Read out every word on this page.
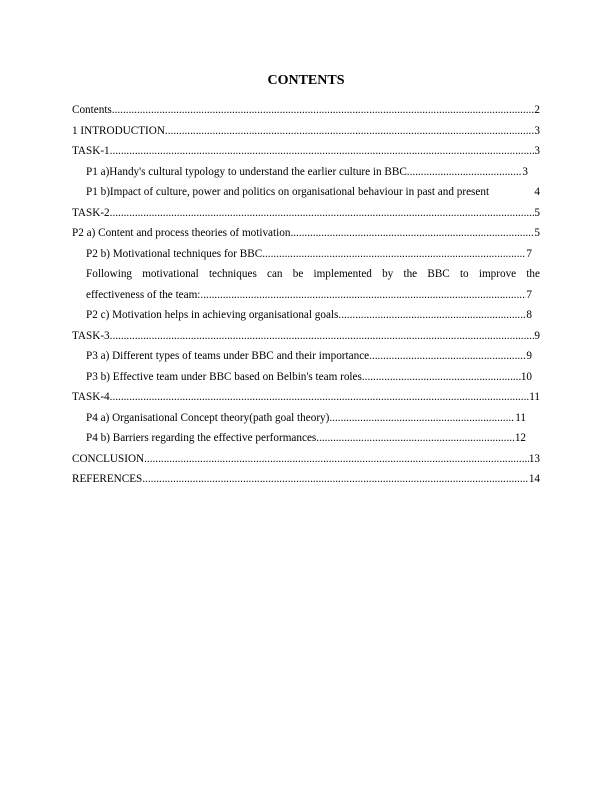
CONTENTS
Contents .....	2
1 INTRODUCTION .....	3
TASK-1 .....	3
P1 a)Handy's cultural typology to understand the earlier culture in BBC .....	3
P1 b)Impact of culture, power and politics on organisational behaviour in past and present	4
TASK-2 .....	5
P2 a) Content and process theories of motivation .....	5
P2 b) Motivational techniques for BBC .....	7
Following motivational techniques can be implemented by the BBC to improve the
effectiveness of the team: .....	7
P2 c) Motivation helps in achieving organisational goals .....	8
TASK-3 .....	9
P3 a) Different types of teams under BBC and their importance .....	9
P3 b) Effective team under BBC based on Belbin's team roles .....	10
TASK-4 .....	11
P4 a) Organisational Concept theory(path goal theory) .....	11
P4 b) Barriers regarding the effective performances .....	12
CONCLUSION .....	13
REFERENCES .....	14
